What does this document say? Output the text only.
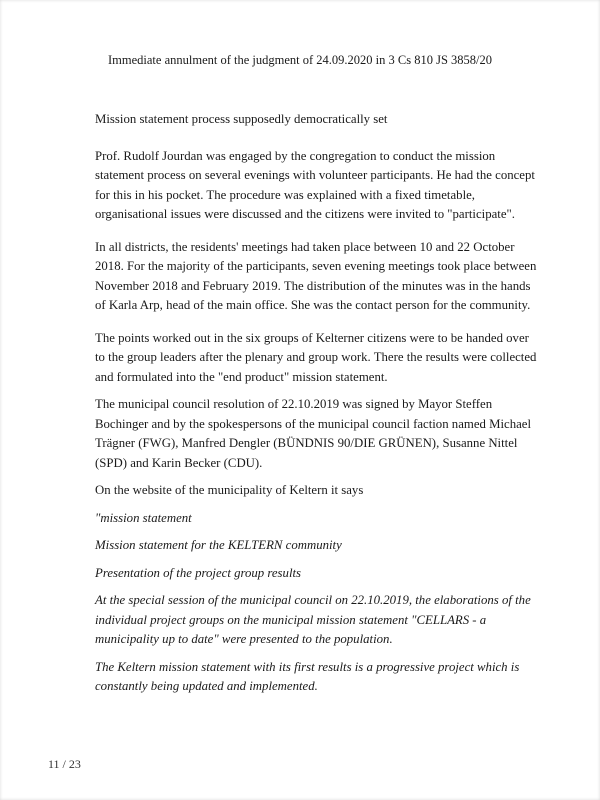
Immediate annulment of the judgment of 24.09.2020 in 3 Cs 810 JS 3858/20

Mission statement process supposedly democratically set

Prof. Rudolf Jourdan was engaged by the congregation to conduct the mission statement process on several evenings with volunteer participants. He had the concept for this in his pocket. The procedure was explained with a fixed timetable, organisational issues were discussed and the citizens were invited to "participate".

In all districts, the residents' meetings had taken place between 10 and 22 October 2018. For the majority of the participants, seven evening meetings took place between November 2018 and February 2019. The distribution of the minutes was in the hands of Karla Arp, head of the main office. She was the contact person for the community.

The points worked out in the six groups of Kelterner citizens were to be handed over to the group leaders after the plenary and group work. There the results were collected and formulated into the "end product" mission statement.

The municipal council resolution of 22.10.2019 was signed by Mayor Steffen Bochinger and by the spokespersons of the municipal council faction named Michael Trägner (FWG), Manfred Dengler (BÜNDNIS 90/DIE GRÜNEN), Susanne Nittel (SPD) and Karin Becker (CDU).

On the website of the municipality of Keltern it says

"mission statement

Mission statement for the KELTERN community

Presentation of the project group results

At the special session of the municipal council on 22.10.2019, the elaborations of the individual project groups on the municipal mission statement "CELLARS - a municipality up to date" were presented to the population.

The Keltern mission statement with its first results is a progressive project which is constantly being updated and implemented.

11 / 23
